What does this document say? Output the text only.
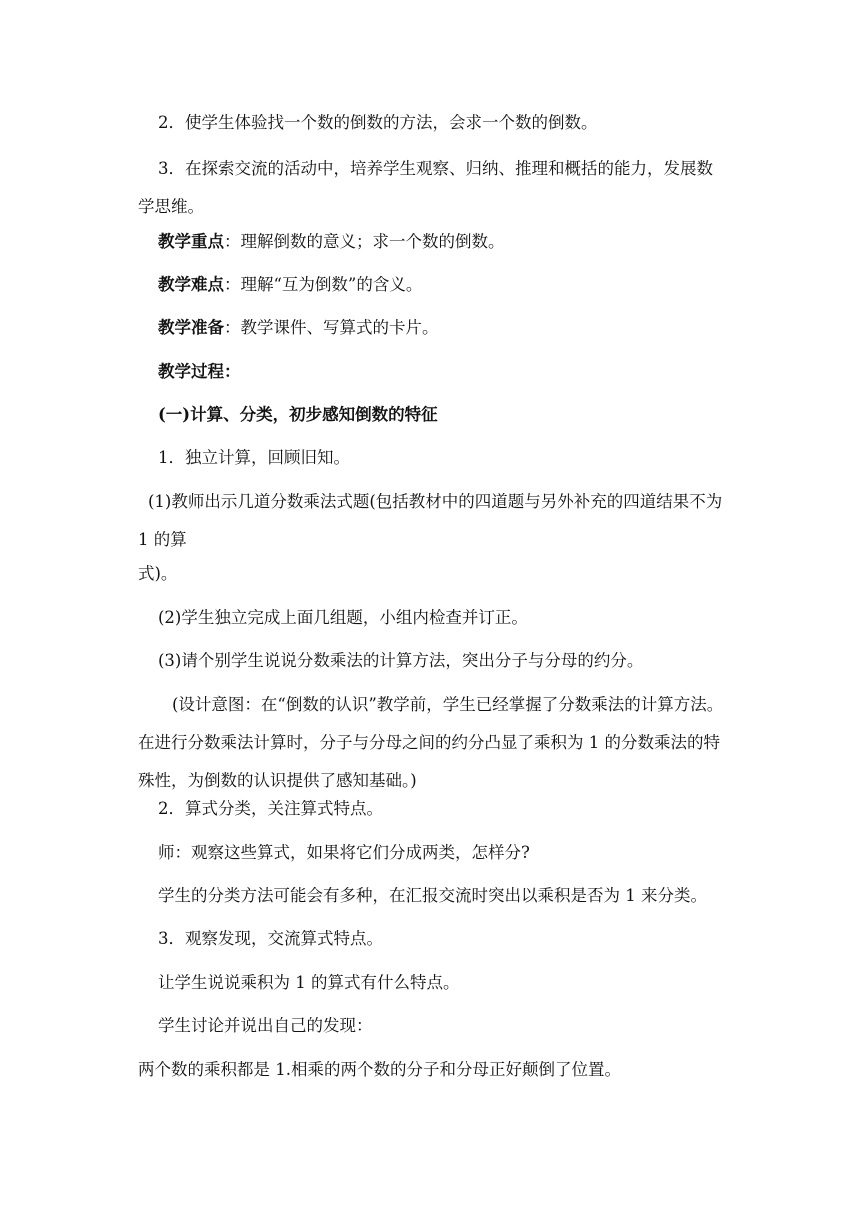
2．使学生体验找一个数的倒数的方法，会求一个数的倒数。

3．在探索交流的活动中，培养学生观察、归纳、推理和概括的能力，发展数学思维。

教学重点：理解倒数的意义；求一个数的倒数。

教学难点：理解“互为倒数”的含义。

教学准备：教学课件、写算式的卡片。

教学过程：

(一)计算、分类，初步感知倒数的特征

1．独立计算，回顾旧知。

(1)教师出示几道分数乘法式题(包括教材中的四道题与另外补充的四道结果不为 1 的算

式)。

(2)学生独立完成上面几组题，小组内检查并订正。

(3)请个别学生说说分数乘法的计算方法，突出分子与分母的约分。

(设计意图：在“倒数的认识”教学前，学生已经掌握了分数乘法的计算方法。在进行分数乘法计算时，分子与分母之间的约分凸显了乘积为 1 的分数乘法的特殊性，为倒数的认识提供了感知基础。)

2．算式分类，关注算式特点。

师：观察这些算式，如果将它们分成两类，怎样分?

学生的分类方法可能会有多种，在汇报交流时突出以乘积是否为 1 来分类。

3．观察发现，交流算式特点。

让学生说说乘积为 1 的算式有什么特点。

学生讨论并说出自己的发现：

两个数的乘积都是 1.相乘的两个数的分子和分母正好颠倒了位置。
